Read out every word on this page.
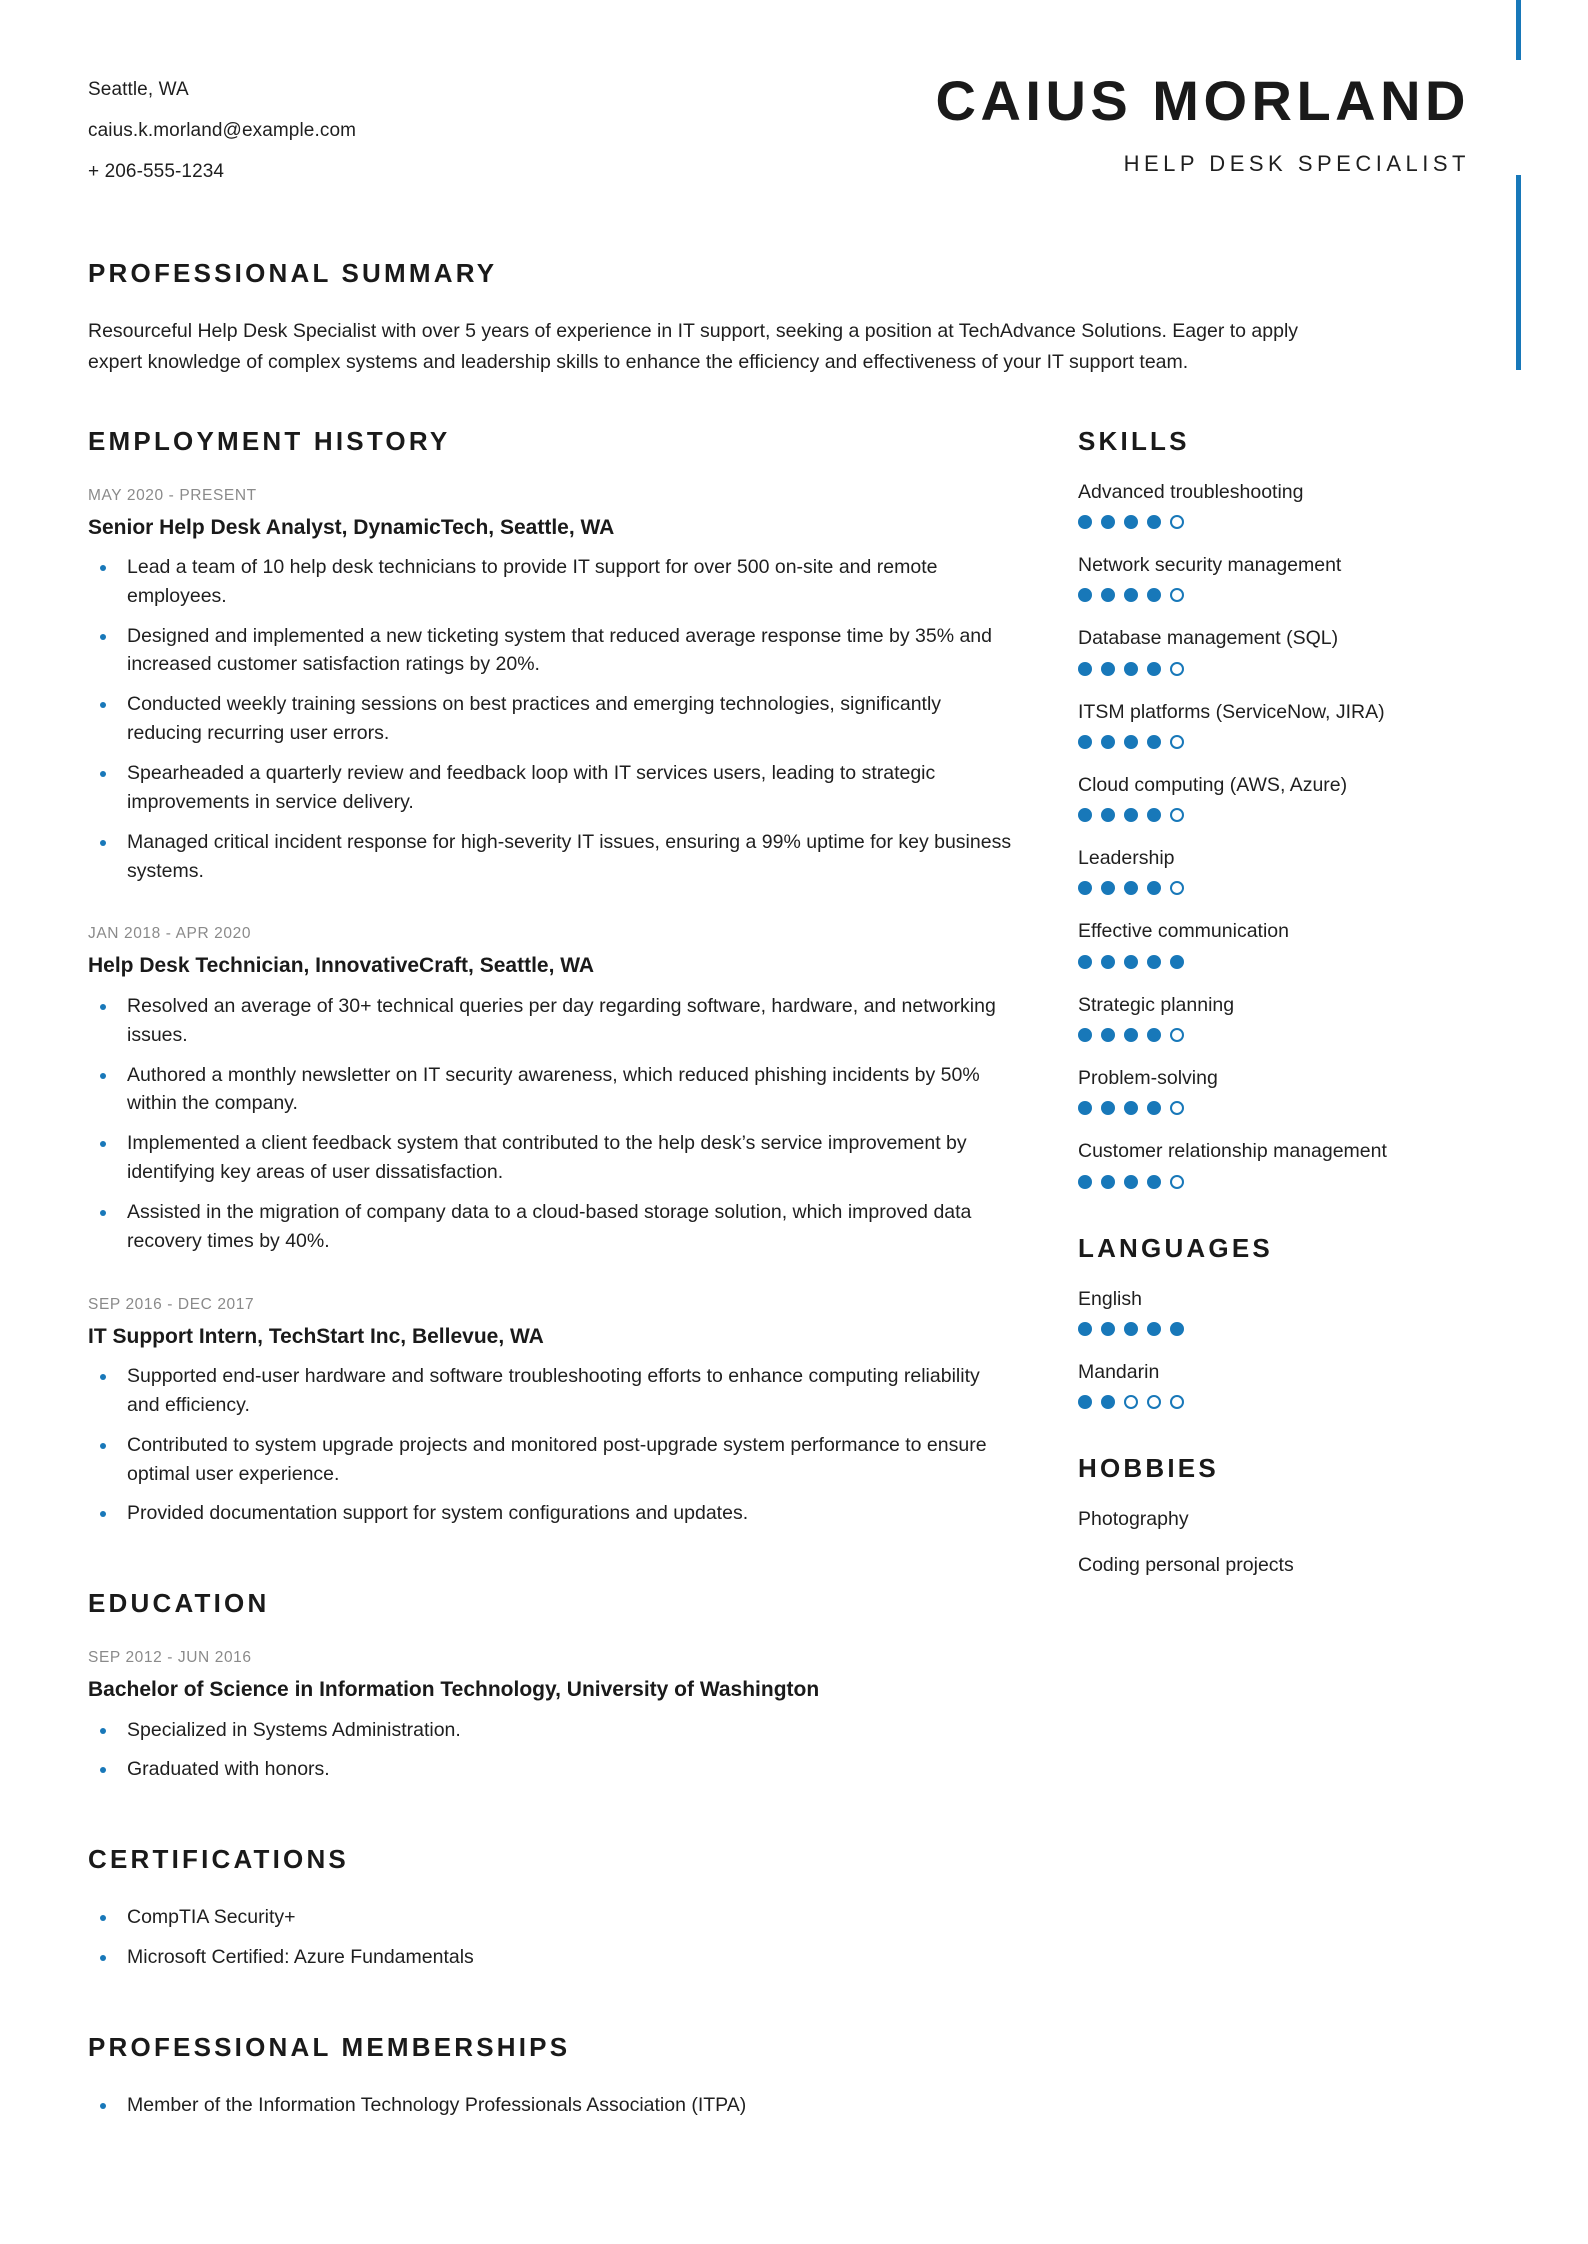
Seattle, WA
caius.k.morland@example.com
+ 206-555-1234
CAIUS MORLAND
HELP DESK SPECIALIST
PROFESSIONAL SUMMARY
Resourceful Help Desk Specialist with over 5 years of experience in IT support, seeking a position at TechAdvance Solutions. Eager to apply expert knowledge of complex systems and leadership skills to enhance the efficiency and effectiveness of your IT support team.
EMPLOYMENT HISTORY
MAY 2020 - PRESENT
Senior Help Desk Analyst, DynamicTech, Seattle, WA
Lead a team of 10 help desk technicians to provide IT support for over 500 on-site and remote employees.
Designed and implemented a new ticketing system that reduced average response time by 35% and increased customer satisfaction ratings by 20%.
Conducted weekly training sessions on best practices and emerging technologies, significantly reducing recurring user errors.
Spearheaded a quarterly review and feedback loop with IT services users, leading to strategic improvements in service delivery.
Managed critical incident response for high-severity IT issues, ensuring a 99% uptime for key business systems.
JAN 2018 - APR 2020
Help Desk Technician, InnovativeCraft, Seattle, WA
Resolved an average of 30+ technical queries per day regarding software, hardware, and networking issues.
Authored a monthly newsletter on IT security awareness, which reduced phishing incidents by 50% within the company.
Implemented a client feedback system that contributed to the help desk’s service improvement by identifying key areas of user dissatisfaction.
Assisted in the migration of company data to a cloud-based storage solution, which improved data recovery times by 40%.
SEP 2016 - DEC 2017
IT Support Intern, TechStart Inc, Bellevue, WA
Supported end-user hardware and software troubleshooting efforts to enhance computing reliability and efficiency.
Contributed to system upgrade projects and monitored post-upgrade system performance to ensure optimal user experience.
Provided documentation support for system configurations and updates.
EDUCATION
SEP 2012 - JUN 2016
Bachelor of Science in Information Technology, University of Washington
Specialized in Systems Administration.
Graduated with honors.
CERTIFICATIONS
CompTIA Security+
Microsoft Certified: Azure Fundamentals
PROFESSIONAL MEMBERSHIPS
Member of the Information Technology Professionals Association (ITPA)
SKILLS
Advanced troubleshooting
Network security management
Database management (SQL)
ITSM platforms (ServiceNow, JIRA)
Cloud computing (AWS, Azure)
Leadership
Effective communication
Strategic planning
Problem-solving
Customer relationship management
LANGUAGES
English
Mandarin
HOBBIES
Photography
Coding personal projects
